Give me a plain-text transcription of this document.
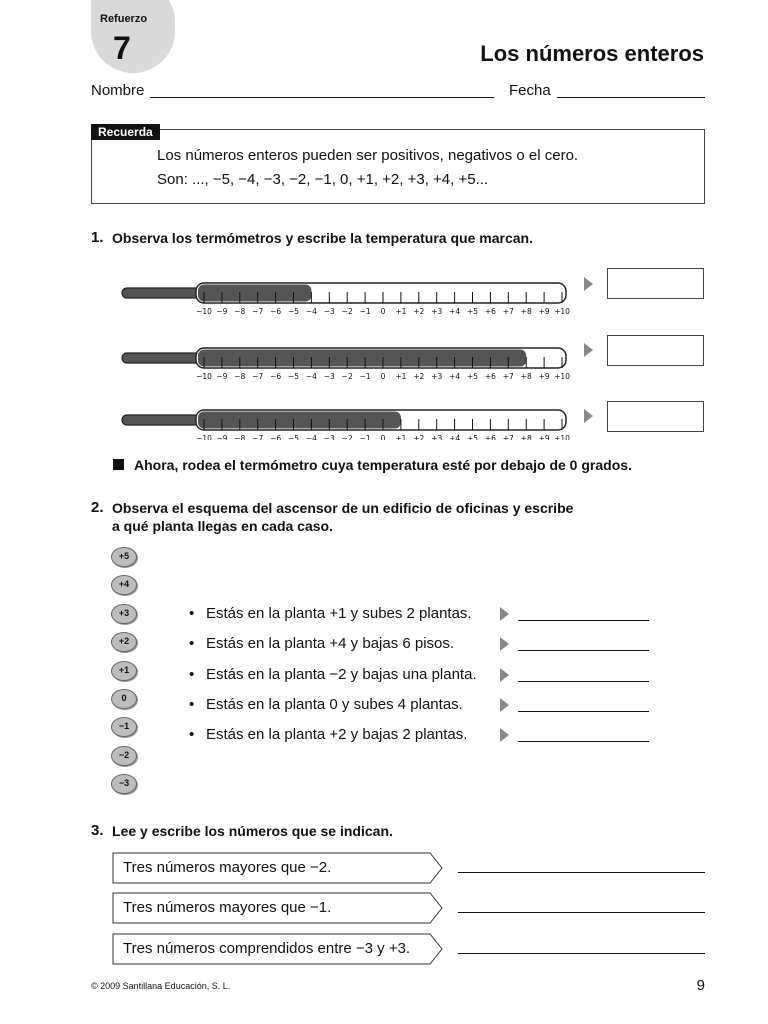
Refuerzo
7	Los números enteros
Nombre	Fecha
Recuerda
Los números enteros pueden ser positivos, negativos o el cero.
Son: ..., −5, −4, −3, −2, −1, 0, +1, +2, +3, +4, +5...
1. Observa los termómetros y escribe la temperatura que marcan.
−10 −9 −8 −7 −6 −5 −4 −3 −2 −1 0 +1 +2 +3 +4 +5 +6 +7 +8 +9 +10
−10 −9 −8 −7 −6 −5 −4 −3 −2 −1 0 +1 +2 +3 +4 +5 +6 +7 +8 +9 +10
−10 −9 −8 −7 −6 −5 −4 −3 −2 −1 0 +1 +2 +3 +4 +5 +6 +7 +8 +9 +10
Ahora, rodea el termómetro cuya temperatura esté por debajo de 0 grados.
2. Observa el esquema del ascensor de un edificio de oficinas y escribe
a qué planta llegas en cada caso.
+5
+4
+3
+2
+1
0
−1
−2
−3
• Estás en la planta +1 y subes 2 plantas.
• Estás en la planta +4 y bajas 6 pisos.
• Estás en la planta −2 y bajas una planta.
• Estás en la planta 0 y subes 4 plantas.
• Estás en la planta +2 y bajas 2 plantas.
3. Lee y escribe los números que se indican.
Tres números mayores que −2.
Tres números mayores que −1.
Tres números comprendidos entre −3 y +3.
© 2009 Santillana Educación, S. L.	9
